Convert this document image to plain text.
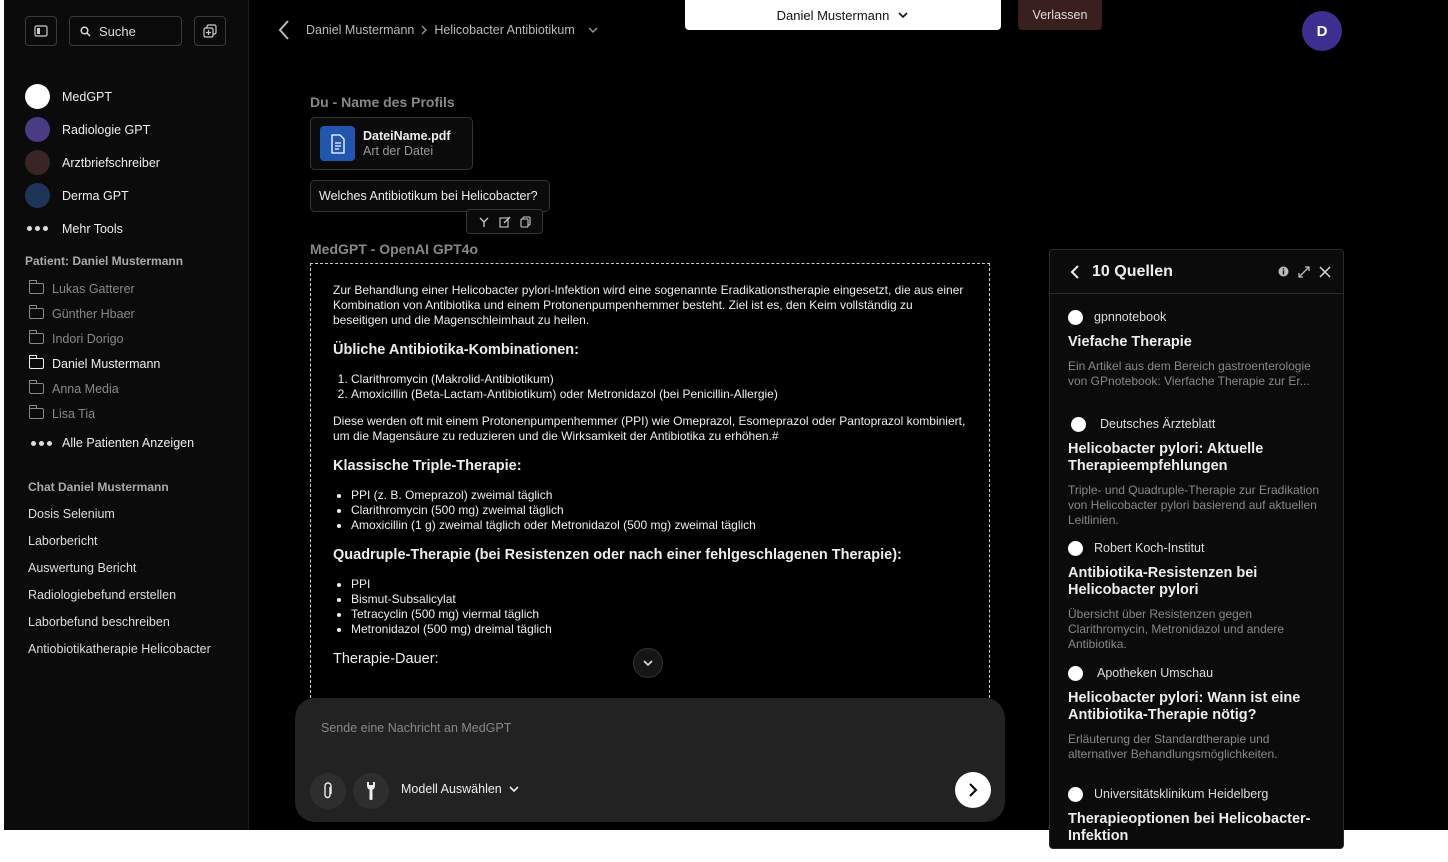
Suche
MedGPT
Radiologie GPT
Arztbriefschreiber
Derma GPT
Mehr Tools
Patient: Daniel Mustermann
Lukas Gatterer
Günther Hbaer
Indori Dorigo
Daniel Mustermann
Anna Media
Lisa Tia
Alle Patienten Anzeigen
Chat Daniel Mustermann
Dosis Selenium
Laborbericht
Auswertung Bericht
Radiologiebefund erstellen
Laborbefund beschreiben
Antiobiotikatherapie Helicobacter
Daniel Mustermann Helicobacter Antibiotikum
Daniel Mustermann	Verlassen
D
Du - Name des Profils
DateiName.pdf
Art der Datei
Welches Antibiotikum bei Helicobacter?
MedGPT - OpenAI GPT4o

Zur Behandlung einer Helicobacter pylori-Infektion wird eine sogenannte Eradikationstherapie eingesetzt, die aus einer Kombination von Antibiotika und einem Protonenpumpenhemmer besteht. Ziel ist es, den Keim vollständig zu beseitigen und die Magenschleimhaut zu heilen.

Übliche Antibiotika-Kombinationen:
1. Clarithromycin (Makrolid-Antibiotikum)
2. Amoxicillin (Beta-Lactam-Antibiotikum) oder Metronidazol (bei Penicillin-Allergie)

Diese werden oft mit einem Protonenpumpenhemmer (PPI) wie Omeprazol, Esomeprazol oder Pantoprazol kombiniert, um die Magensäure zu reduzieren und die Wirksamkeit der Antibiotika zu erhöhen.#

Klassische Triple-Therapie:
• PPI (z. B. Omeprazol) zweimal täglich
• Clarithromycin (500 mg) zweimal täglich
• Amoxicillin (1 g) zweimal täglich oder Metronidazol (500 mg) zweimal täglich
Quadruple-Therapie (bei Resistenzen oder nach einer fehlgeschlagenen Therapie):
• PPI
• Bismut-Subsalicylat
• Tetracyclin (500 mg) viermal täglich
• Metronidazol (500 mg) dreimal täglich
Therapie-Dauer:
Sende eine Nachricht an MedGPT
Modell Auswählen
10 Quellen
gpnnotebook
Viefache Therapie
Ein Artikel aus dem Bereich gastroenterologie von GPnotebook: Vierfache Therapie zur Er...
Deutsches Ärzteblatt
Helicobacter pylori: Aktuelle Therapieempfehlungen
Triple- und Quadruple-Therapie zur Eradikation von Helicobacter pylori basierend auf aktuellen Leitlinien.
Robert Koch-Institut
Antibiotika-Resistenzen bei Helicobacter pylori
Übersicht über Resistenzen gegen Clarithromycin, Metronidazol und andere Antibiotika.
Apotheken Umschau
Helicobacter pylori: Wann ist eine Antibiotika-Therapie nötig?
Erläuterung der Standardtherapie und alternativer Behandlungsmöglichkeiten.
Universitätsklinikum Heidelberg
Therapieoptionen bei Helicobacter-Infektion
